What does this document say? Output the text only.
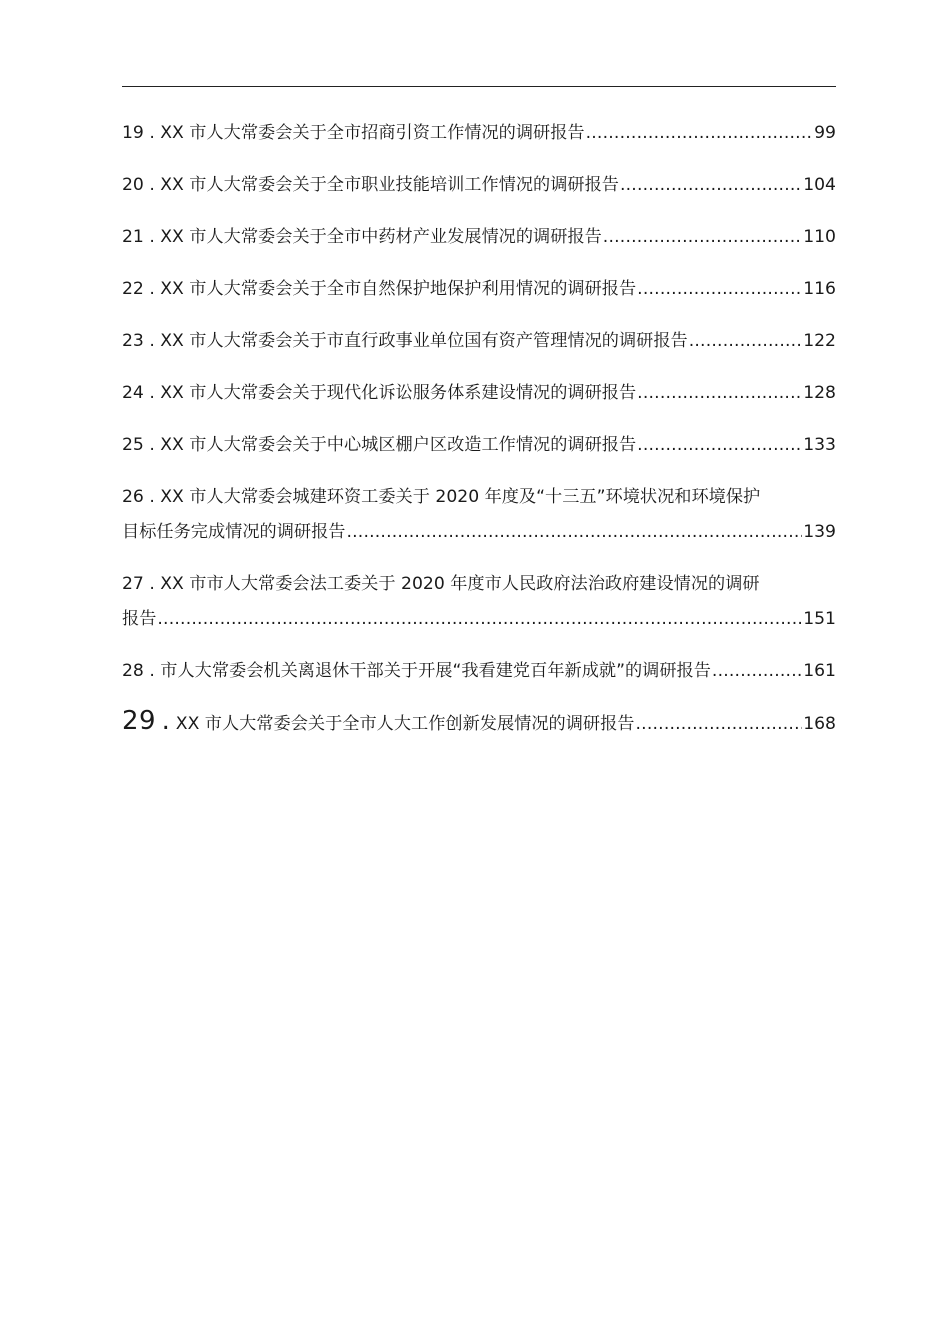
19 . XX 市人大常委会关于全市招商引资工作情况的调研报告 .....	99
20 . XX 市人大常委会关于全市职业技能培训工作情况的调研报告 .....	104
21 . XX 市人大常委会关于全市中药材产业发展情况的调研报告 .....	110
22 . XX 市人大常委会关于全市自然保护地保护利用情况的调研报告 .....	116
23 . XX 市人大常委会关于市直行政事业单位国有资产管理情况的调研报告 .....	122
24 . XX 市人大常委会关于现代化诉讼服务体系建设情况的调研报告 .....	128
25 . XX 市人大常委会关于中心城区棚户区改造工作情况的调研报告 .....	133
26 . XX 市人大常委会城建环资工委关于 2020 年度及“十三五”环境状况和环境保护
目标任务完成情况的调研报告 .....	139
27 . XX 市市人大常委会法工委关于 2020 年度市人民政府法治政府建设情况的调研
报告 .....	151
28 . 市人大常委会机关离退休干部关于开展“我看建党百年新成就”的调研报告 .....	161
29 . XX 市人大常委会关于全市人大工作创新发展情况的调研报告 .....	168
